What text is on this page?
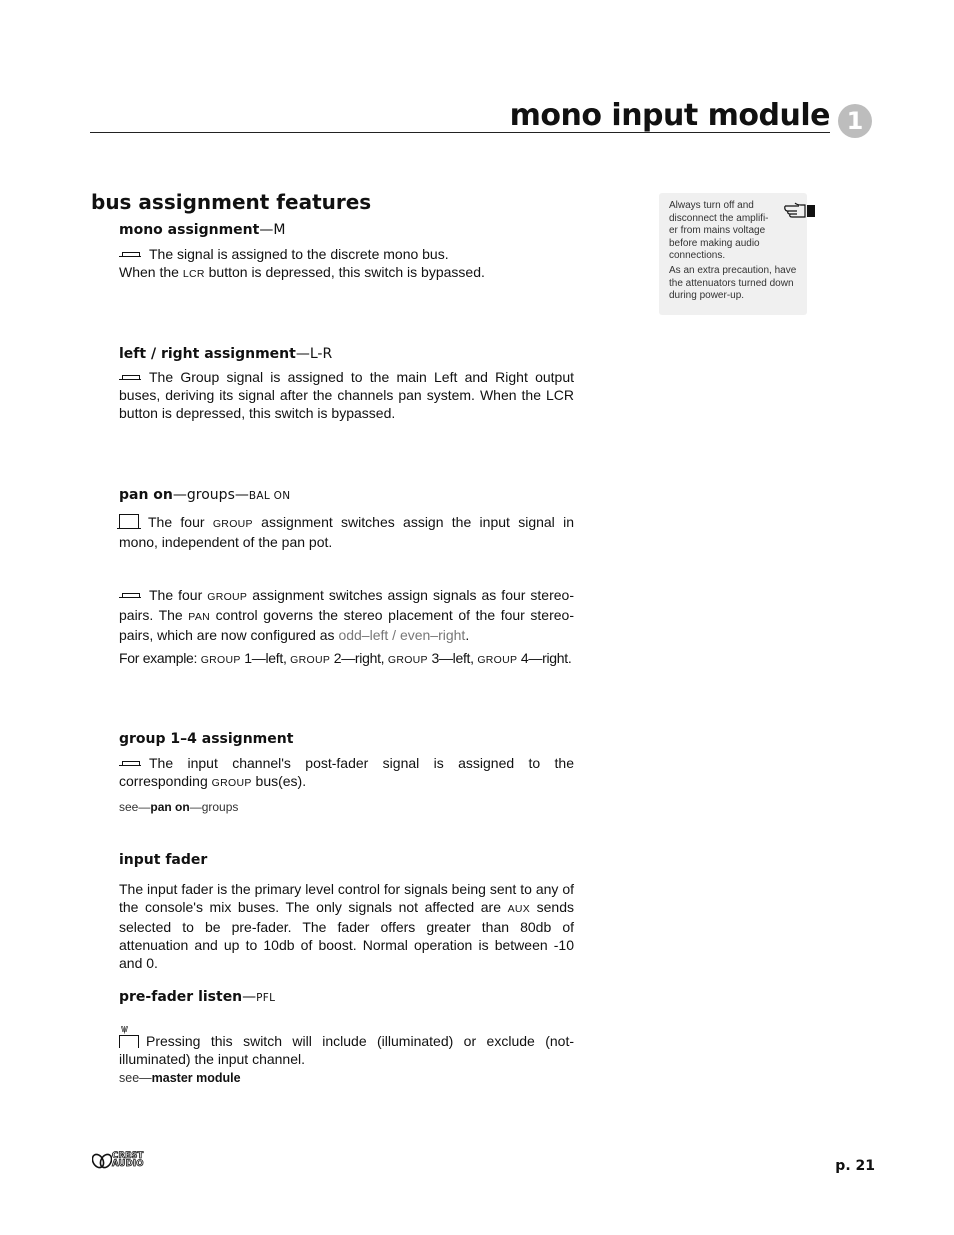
mono input module 1
bus assignment features
mono assignment—M
The signal is assigned to the discrete mono bus.
When the LCR button is depressed, this switch is bypassed.
left / right assignment—L-R
The Group signal is assigned to the main Left and Right output buses, deriving its signal after the channels pan system. When the LCR button is depressed, this switch is bypassed.
pan on—groups—BAL ON
The four GROUP assignment switches assign the input signal in mono, independent of the pan pot.
The four GROUP assignment switches assign signals as four stereo-pairs. The PAN control governs the stereo placement of the four stereo-pairs, which are now configured as odd–left / even–right.
For example: GROUP 1—left, GROUP 2—right, GROUP 3—left, GROUP 4—right.
group 1–4 assignment
The input channel's post-fader signal is assigned to the corresponding GROUP bus(es).
see—pan on—groups
input fader
The input fader is the primary level control for signals being sent to any of the console's mix buses. The only signals not affected are AUX sends selected to be pre-fader. The fader offers greater than 80db of attenuation and up to 10db of boost. Normal operation is between -10 and 0.
pre-fader listen—PFL
\\|//
Pressing this switch will include (illuminated) or exclude (not-illuminated) the input channel.
see—master module

Always turn off and disconnect the amplifi-er from mains voltage before making audio connections.

As an extra precaution, have the attenuators turned down during power-up.

CREST
AUDIO	p. 21
